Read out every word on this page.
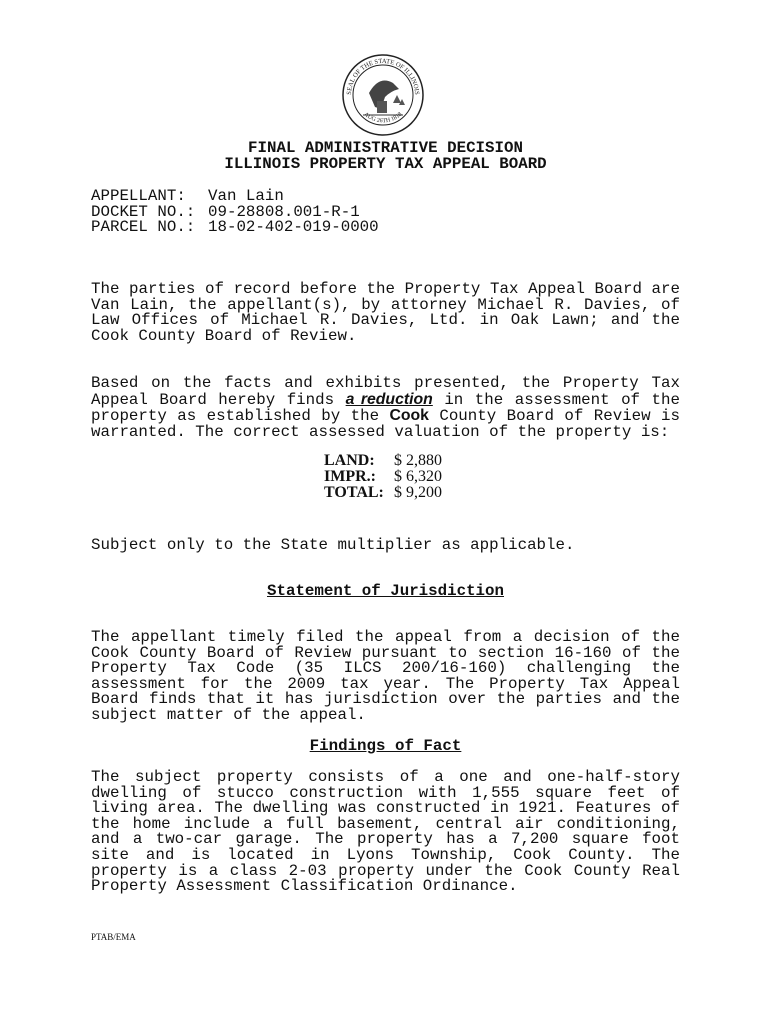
SEAL OF THE STATE OF ILLINOIS
AUG 26TH 1818
FINAL ADMINISTRATIVE DECISION
ILLINOIS PROPERTY TAX APPEAL BOARD
APPELLANT:	Van Lain
DOCKET NO.: 09-28808.001-R-1
PARCEL NO.: 18-02-402-019-0000

The parties of record before the Property Tax Appeal Board are Van Lain, the appellant(s), by attorney Michael R. Davies, of Law Offices of Michael R. Davies, Ltd. in Oak Lawn; and the Cook County Board of Review.

Based on the facts and exhibits presented, the Property Tax Appeal Board hereby finds a reduction in the assessment of the property as established by the Cook County Board of Review is warranted. The correct assessed valuation of the property is:

LAND:	$ 2,880
IMPR.:	$ 6,320
TOTAL: $ 9,200
Subject only to the State multiplier as applicable.
Statement of Jurisdiction

The appellant timely filed the appeal from a decision of the Cook County Board of Review pursuant to section 16-160 of the Property Tax Code (35 ILCS 200/16-160) challenging the assessment for the 2009 tax year. The Property Tax Appeal Board finds that it has jurisdiction over the parties and the subject matter of the appeal.

Findings of Fact

The subject property consists of a one and one-half-story dwelling of stucco construction with 1,555 square feet of living area. The dwelling was constructed in 1921. Features of the home include a full basement, central air conditioning, and a two-car garage. The property has a 7,200 square foot site and is located in Lyons Township, Cook County. The property is a class 2-03 property under the Cook County Real Property Assessment Classification Ordinance.

PTAB/EMA
